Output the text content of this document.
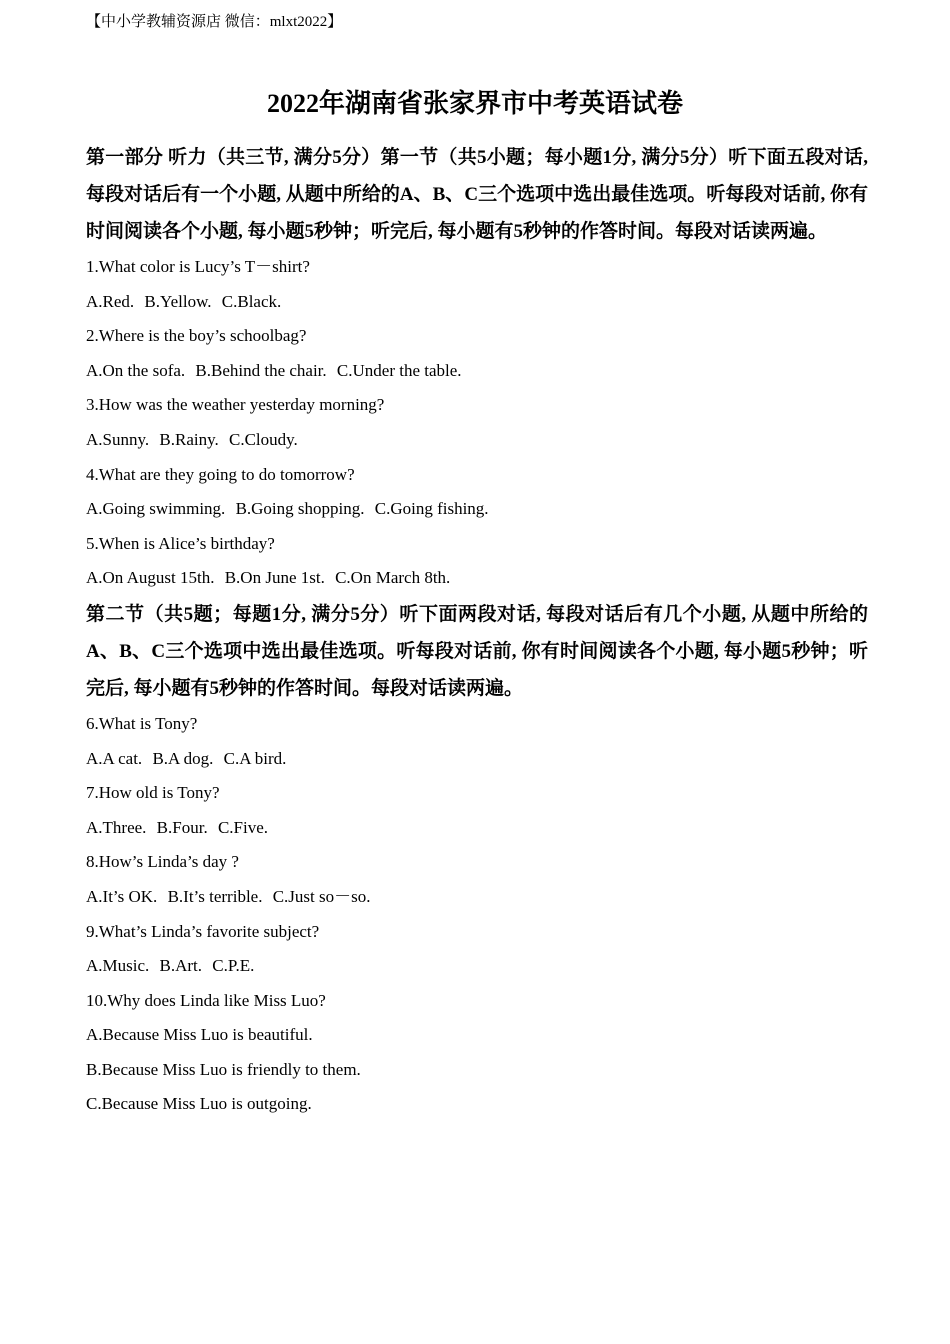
【中小学教辅资源店 微信：mlxt2022】
2022年湖南省张家界市中考英语试卷

第一部分 听力（共三节, 满分5分）第一节（共5小题；每小题1分, 满分5分）听下面五段对话, 每段对话后有一个小题, 从题中所给的A、B、C三个选项中选出最佳选项。听每段对话前, 你有时间阅读各个小题, 每小题5秒钟；听完后, 每小题有5秒钟的作答时间。每段对话读两遍。

1.What color is Lucy’s T－shirt?

A.Red. B.Yellow. C.Black.

2.Where is the boy’s schoolbag?

A.On the sofa. B.Behind the chair. C.Under the table.

3.How was the weather yesterday morning?

A.Sunny. B.Rainy. C.Cloudy.

4.What are they going to do tomorrow?

A.Going swimming. B.Going shopping. C.Going fishing.

5.When is Alice’s birthday?

A.On August 15th. B.On June 1st. C.On March 8th.

第二节（共5题；每题1分, 满分5分）听下面两段对话, 每段对话后有几个小题, 从题中所给的A、B、C三个选项中选出最佳选项。听每段对话前, 你有时间阅读各个小题, 每小题5秒钟；听完后, 每小题有5秒钟的作答时间。每段对话读两遍。

6.What is Tony?

A.A cat. B.A dog. C.A bird.

7.How old is Tony?

A.Three. B.Four. C.Five.

8.How’s Linda’s day ?

A.It’s OK. B.It’s terrible. C.Just so－so.

9.What’s Linda’s favorite subject?

A.Music. B.Art. C.P.E.

10.Why does Linda like Miss Luo?

A.Because Miss Luo is beautiful.

B.Because Miss Luo is friendly to them.

C.Because Miss Luo is outgoing.
